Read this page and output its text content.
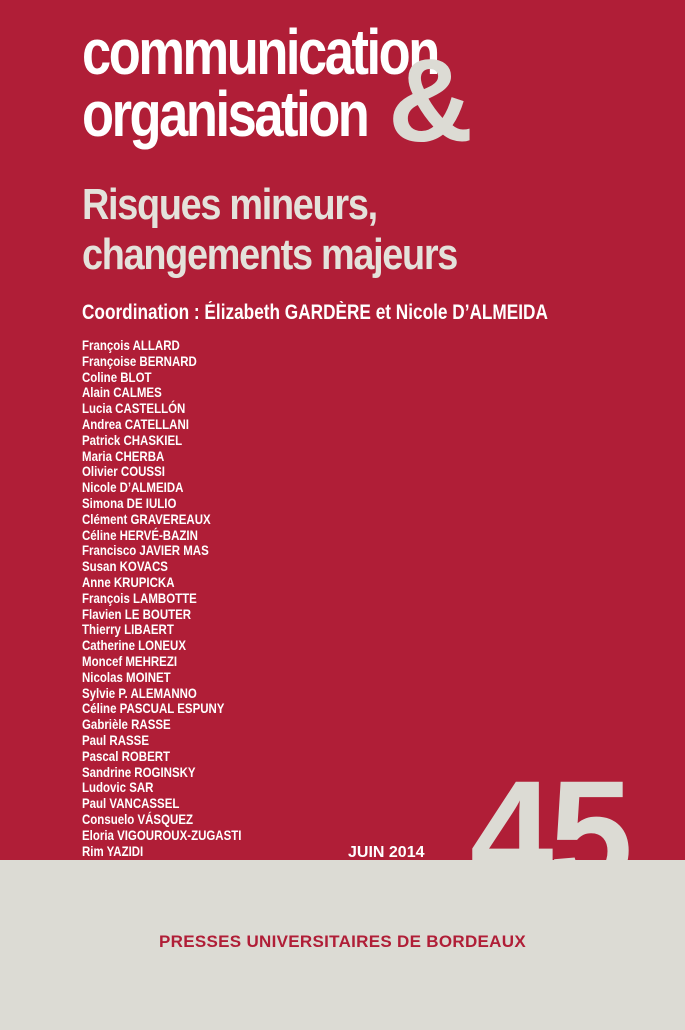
communication
organisation &
Risques mineurs,
changements majeurs
Coordination : Élizabeth GARDÈRE et Nicole D’ALMEIDA
François ALLARD
Françoise BERNARD
Coline BLOT
Alain CALMES
Lucia CASTELLÓN
Andrea CATELLANI
Patrick CHASKIEL
Maria CHERBA
Olivier COUSSI
Nicole D’ALMEIDA
Simona DE IULIO
Clément GRAVEREAUX
Céline HERVÉ-BAZIN
Francisco JAVIER MAS
Susan KOVACS
Anne KRUPICKA
François LAMBOTTE
Flavien LE BOUTER
Thierry LIBAERT
Catherine LONEUX
Moncef MEHREZI
Nicolas MOINET
Sylvie P. ALEMANNO
Céline PASCUAL ESPUNY
Gabrièle RASSE
Paul RASSE
Pascal ROBERT
Sandrine ROGINSKY
Ludovic SAR
Paul VANCASSEL
Consuelo VÁSQUEZ
Eloria VIGOUROUX-ZUGASTI
Rim YAZIDI	JUIN 2014 45
PRESSES UNIVERSITAIRES DE BORDEAUX
